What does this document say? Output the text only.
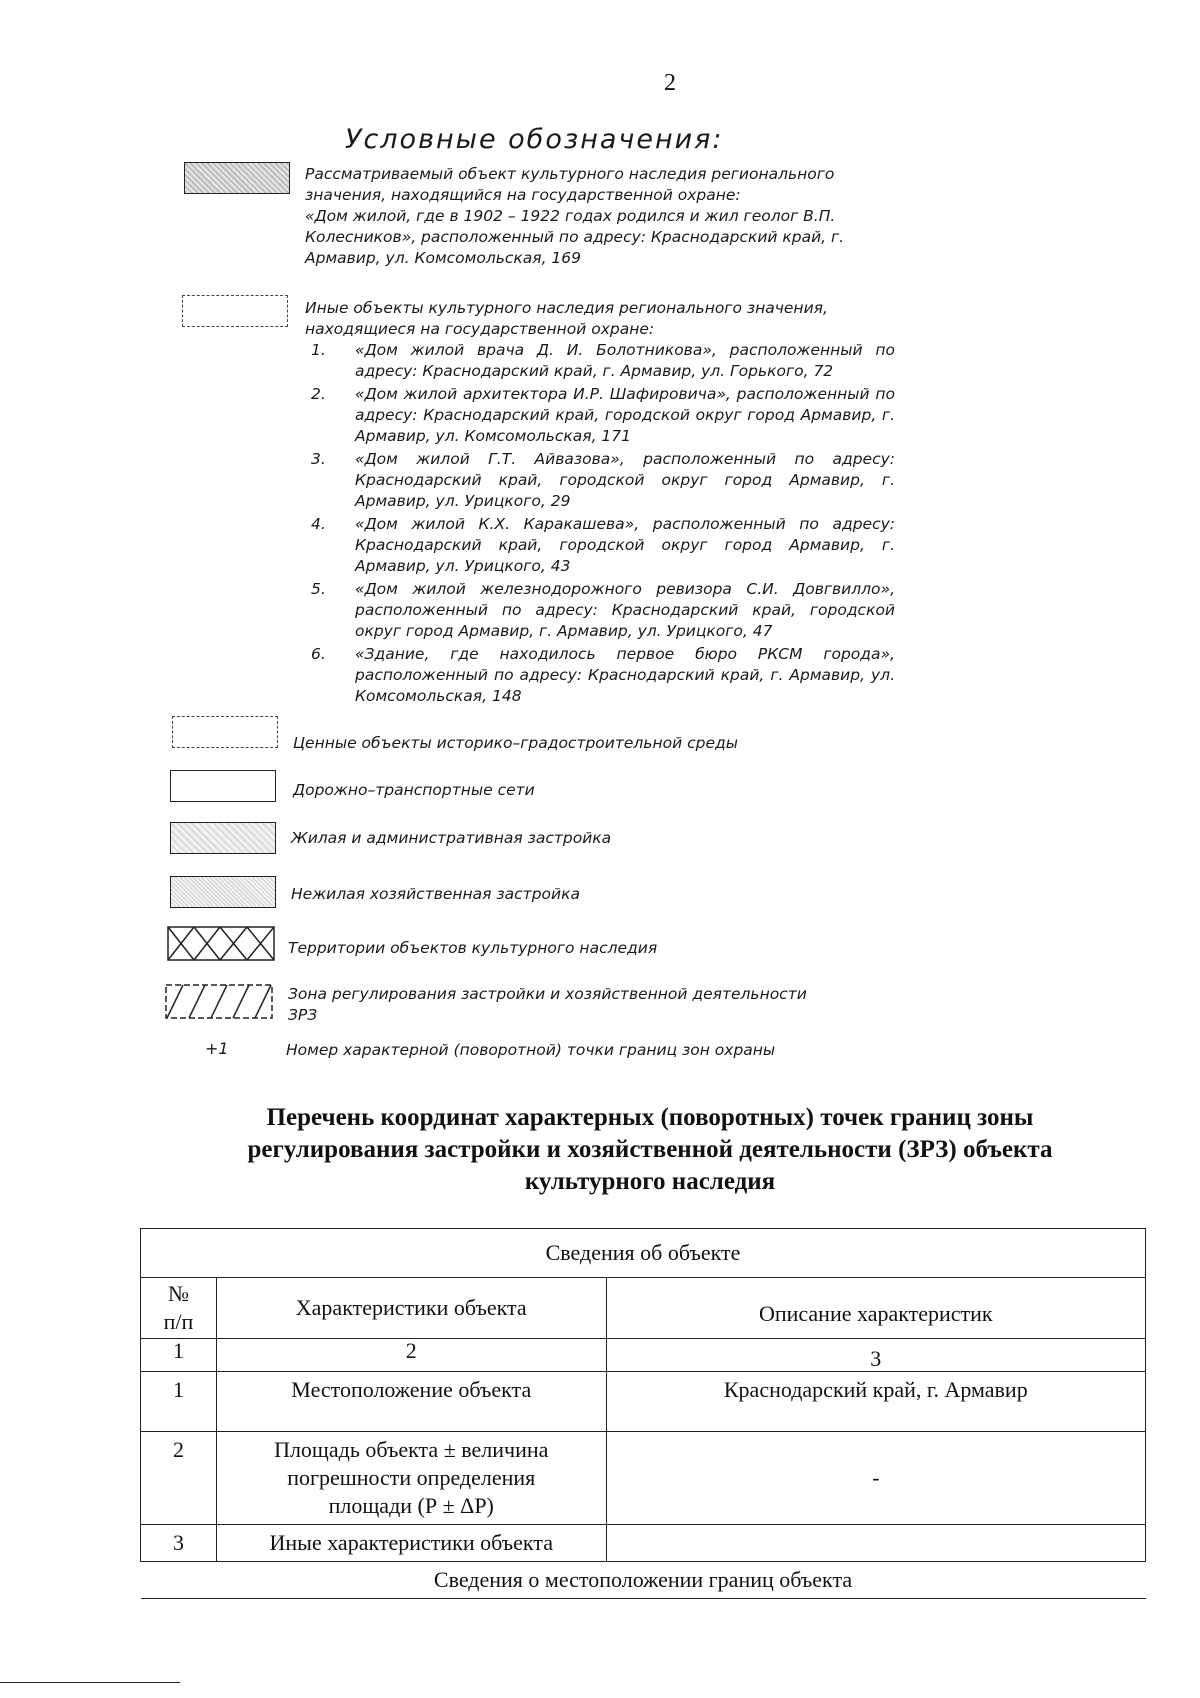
2
Условные обозначения:
Рассматриваемый объект культурного наследия регионального
значения, находящийся на государственной охране:
«Дом жилой, где в 1902 – 1922 годах родился и жил геолог В.П.
Колесников», расположенный по адресу: Краснодарский край, г.
Армавир, ул. Комсомольская, 169
Иные объекты культурного наследия регионального значения,
находящиеся на государственной охране:
1. «Дом жилой врача Д. И. Болотникова», расположенный по адресу: Краснодарский край, г. Армавир, ул. Горького, 72
2. «Дом жилой архитектора И.Р. Шафировича», расположенный по адресу: Краснодарский край, городской округ город Армавир, г. Армавир, ул. Комсомольская, 171
3. «Дом жилой Г.Т. Айвазова», расположенный по адресу: Краснодарский край, городской округ город Армавир, г. Армавир, ул. Урицкого, 29
4. «Дом жилой К.Х. Каракашева», расположенный по адресу: Краснодарский край, городской округ город Армавир, г. Армавир, ул. Урицкого, 43
5. «Дом жилой железнодорожного ревизора С.И. Довгвилло», расположенный по адресу: Краснодарский край, городской округ город Армавир, г. Армавир, ул. Урицкого, 47
6. «Здание, где находилось первое бюро РКСМ города», расположенный по адресу: Краснодарский край, г. Армавир, ул. Комсомольская, 148
Ценные объекты историко–градостроительной среды
Дорожно–транспортные сети
Жилая и административная застройка
Нежилая хозяйственная застройка
Территории объектов культурного наследия
Зона регулирования застройки и хозяйственной деятельности
ЗРЗ
+1	Номер характерной (поворотной) точки границ зон охраны
Перечень координат характерных (поворотных) точек границ зоны
регулирования застройки и хозяйственной деятельности (ЗРЗ) объекта
культурного наследия
Сведения об объекте		

№
п/п	Характеристики объекта	Описание характеристик
1	2	3
1	Местоположение объекта	Краснодарский край, г. Армавир
2	Площадь объекта ± величина
погрешности определения
площади (Р ± ΔР)	-
3	Иные характеристики объекта	
Сведения о местоположении границ объекта		
